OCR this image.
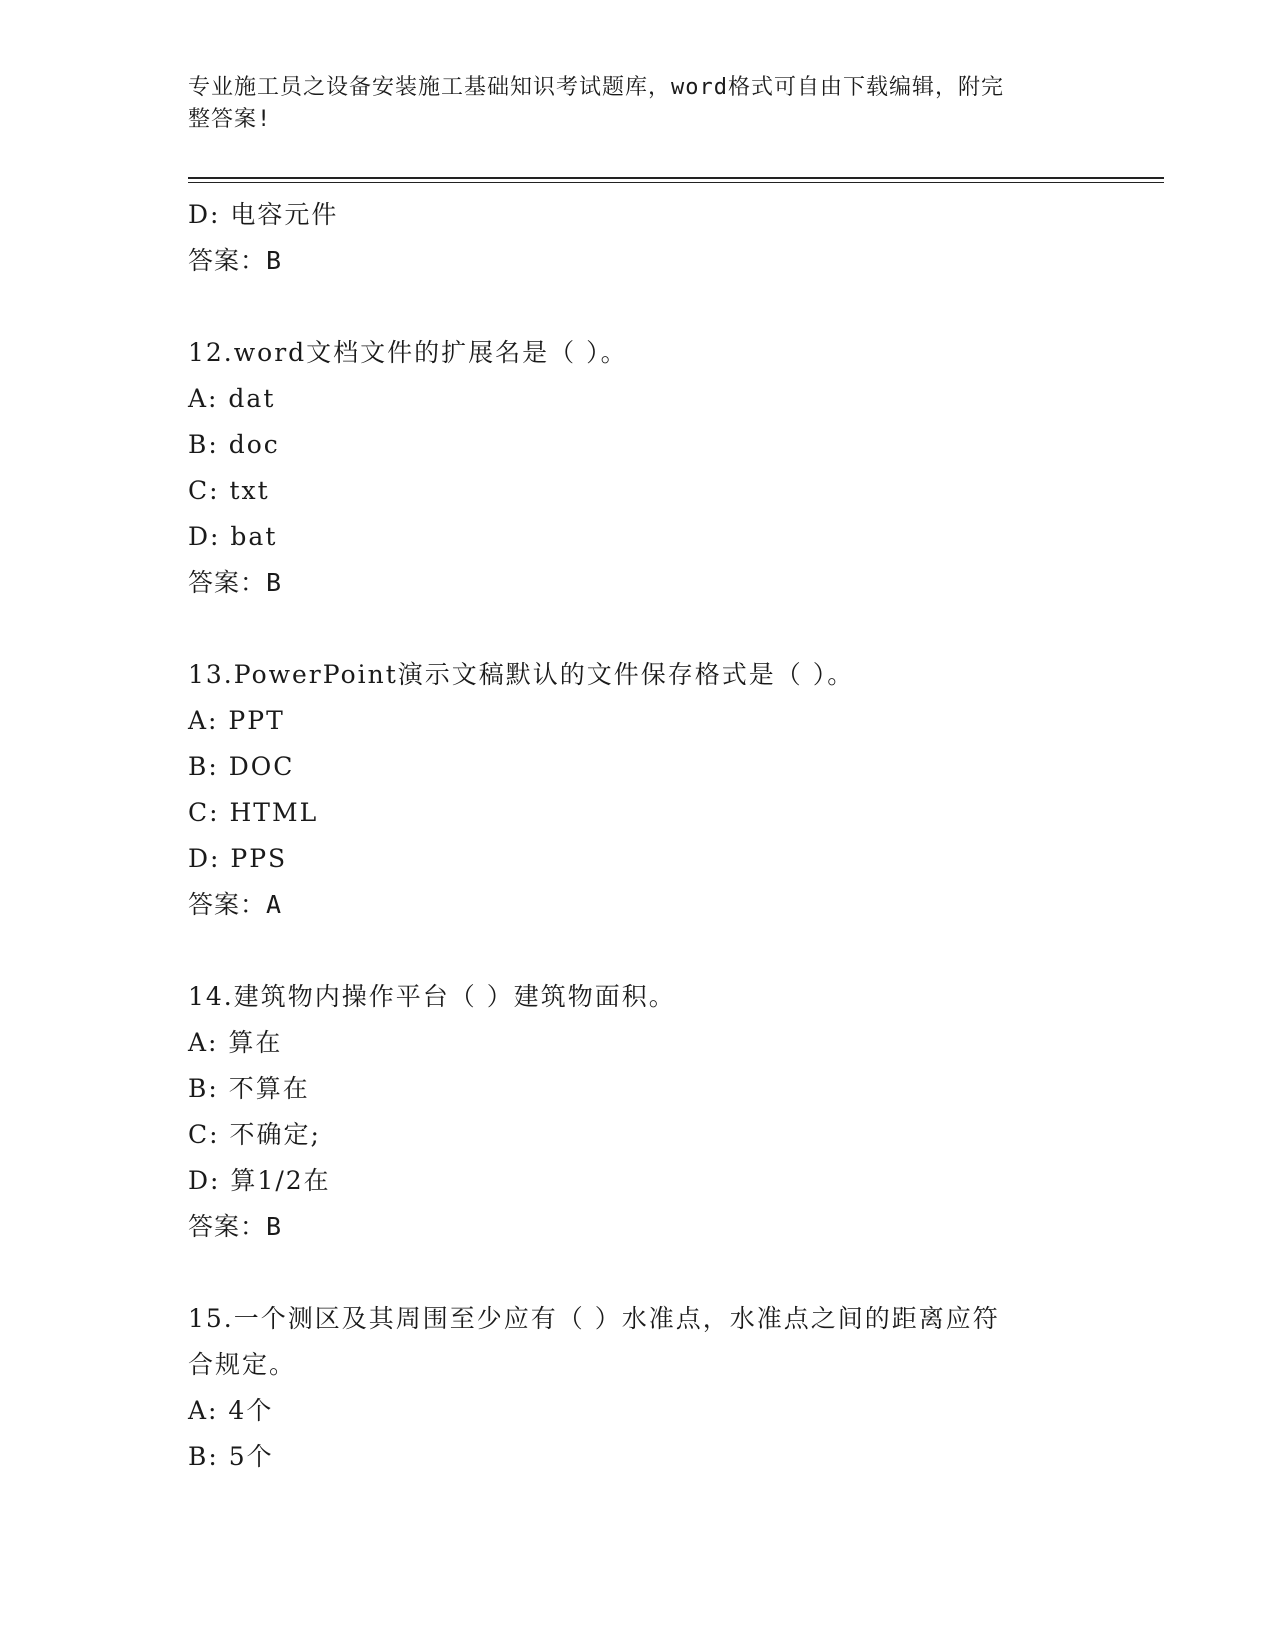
专业施工员之设备安装施工基础知识考试题库，word格式可自由下载编辑，附完
整答案!
D: 电容元件
答案：B
12.word文档文件的扩展名是（ ）。
A: dat
B: doc
C: txt
D: bat
答案：B
13.PowerPoint演示文稿默认的文件保存格式是（ ）。
A: PPT
B: DOC
C: HTML
D: PPS
答案：A
14.建筑物内操作平台（ ）建筑物面积。
A: 算在
B: 不算在
C: 不确定;
D: 算1/2在
答案：B
15.一个测区及其周围至少应有（ ）水准点，水准点之间的距离应符
合规定。
A: 4个
B: 5个
